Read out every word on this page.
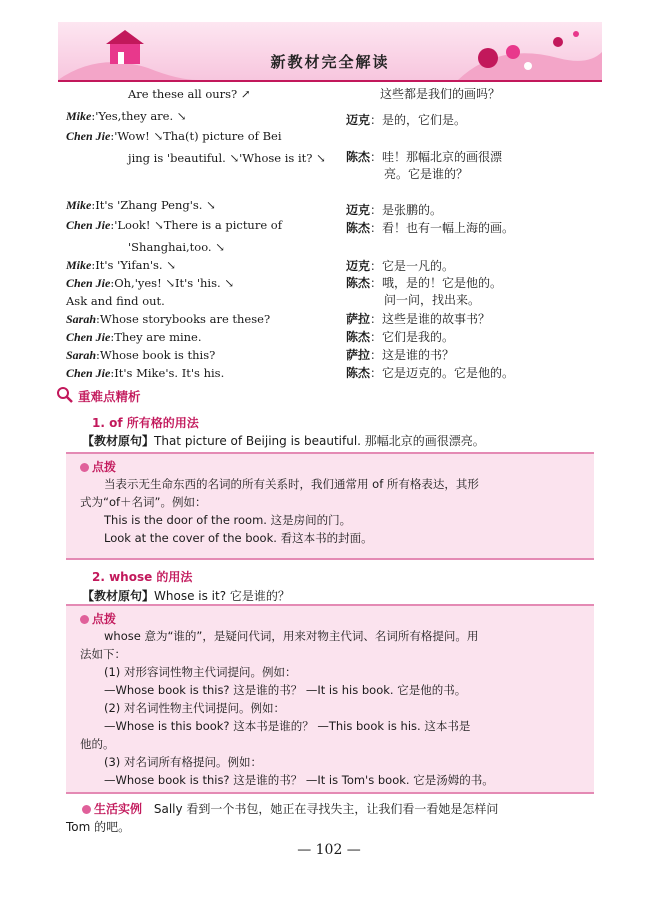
新教材完全解读
Are these all ours? ↗
Mike:'Yes,they are. ↘
Chen Jie:'Wow! ↘Tha(t) picture of Bei
jing is 'beautiful. ↘'Whose is it? ↘
Mike:It's 'Zhang Peng's. ↘
Chen Jie:'Look! ↘There is a picture of
'Shanghai,too. ↘
Mike:It's 'Yifan's. ↘
Chen Jie:Oh,'yes! ↘It's 'his. ↘
Ask and find out.
Sarah:Whose storybooks are these?
Chen Jie:They are mine.
Sarah:Whose book is this?
Chen Jie:It's Mike's. It's his.
这些都是我们的画吗？
迈克：是的，它们是。
陈杰：哇！那幅北京的画很漂
亮。它是谁的？
迈克：是张鹏的。
陈杰：看！也有一幅上海的画。
迈克：它是一凡的。
陈杰：哦，是的！它是他的。
问一问，找出来。
萨拉：这些是谁的故事书？
陈杰：它们是我的。
萨拉：这是谁的书？
陈杰：它是迈克的。它是他的。
重难点精析
1. of 所有格的用法
【教材原句】That picture of Beijing is beautiful. 那幅北京的画很漂亮。
点拨
当表示无生命东西的名词的所有关系时，我们通常用 of 所有格表达，其形
式为“of＋名词”。例如：
This is the door of the room. 这是房间的门。
Look at the cover of the book. 看这本书的封面。
2. whose 的用法
【教材原句】Whose is it? 它是谁的？
点拨
whose 意为“谁的”，是疑问代词，用来对物主代词、名词所有格提问。用
法如下：
(1) 对形容词性物主代词提问。例如：
—Whose book is this? 这是谁的书？ —It is his book. 它是他的书。
(2) 对名词性物主代词提问。例如：
—Whose is this book? 这本书是谁的？ —This book is his. 这本书是
他的。
(3) 对名词所有格提问。例如：
—Whose book is this? 这是谁的书？ —It is Tom's book. 它是汤姆的书。
生活实例 Sally 看到一个书包，她正在寻找失主，让我们看一看她是怎样问
Tom 的吧。
— 102 —
